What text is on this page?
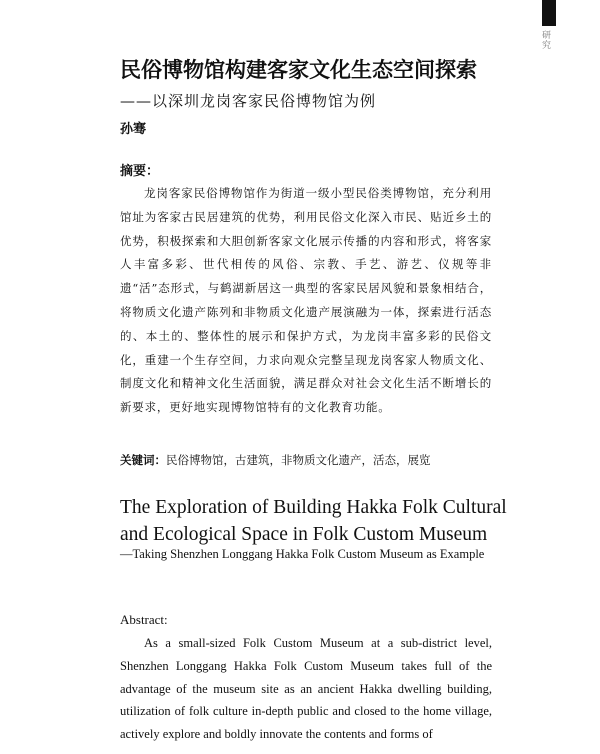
研究
民俗博物馆构建客家文化生态空间探索
——以深圳龙岗客家民俗博物馆为例
孙骞
摘要：

龙岗客家民俗博物馆作为街道一级小型民俗类博物馆，充分利用馆址为客家古民居建筑的优势，利用民俗文化深入市民、贴近乡土的优势，积极探索和大胆创新客家文化展示传播的内容和形式，将客家人丰富多彩、世代相传的风俗、宗教、手艺、游艺、仪规等非遗“活”态形式，与鹤湖新居这一典型的客家民居风貌和景象相结合，将物质文化遗产陈列和非物质文化遗产展演融为一体，探索进行活态的、本土的、整体性的展示和保护方式，为龙岗丰富多彩的民俗文化，重建一个生存空间，力求向观众完整呈现龙岗客家人物质文化、制度文化和精神文化生活面貌，满足群众对社会文化生活不断增长的新要求，更好地实现博物馆特有的文化教育功能。

关键词：民俗博物馆，古建筑，非物质文化遗产，活态，展览

The Exploration of Building Hakka Folk Cultural and Ecological Space in Folk Custom Museum

—Taking Shenzhen Longgang Hakka Folk Custom Museum as Example

Abstract:

As a small-sized Folk Custom Museum at a sub-district level, Shenzhen Longgang Hakka Folk Custom Museum takes full of the advantage of the museum site as an ancient Hakka dwelling building, utilization of folk culture in-depth public and closed to the home village, actively explore and boldly innovate the contents and forms of
